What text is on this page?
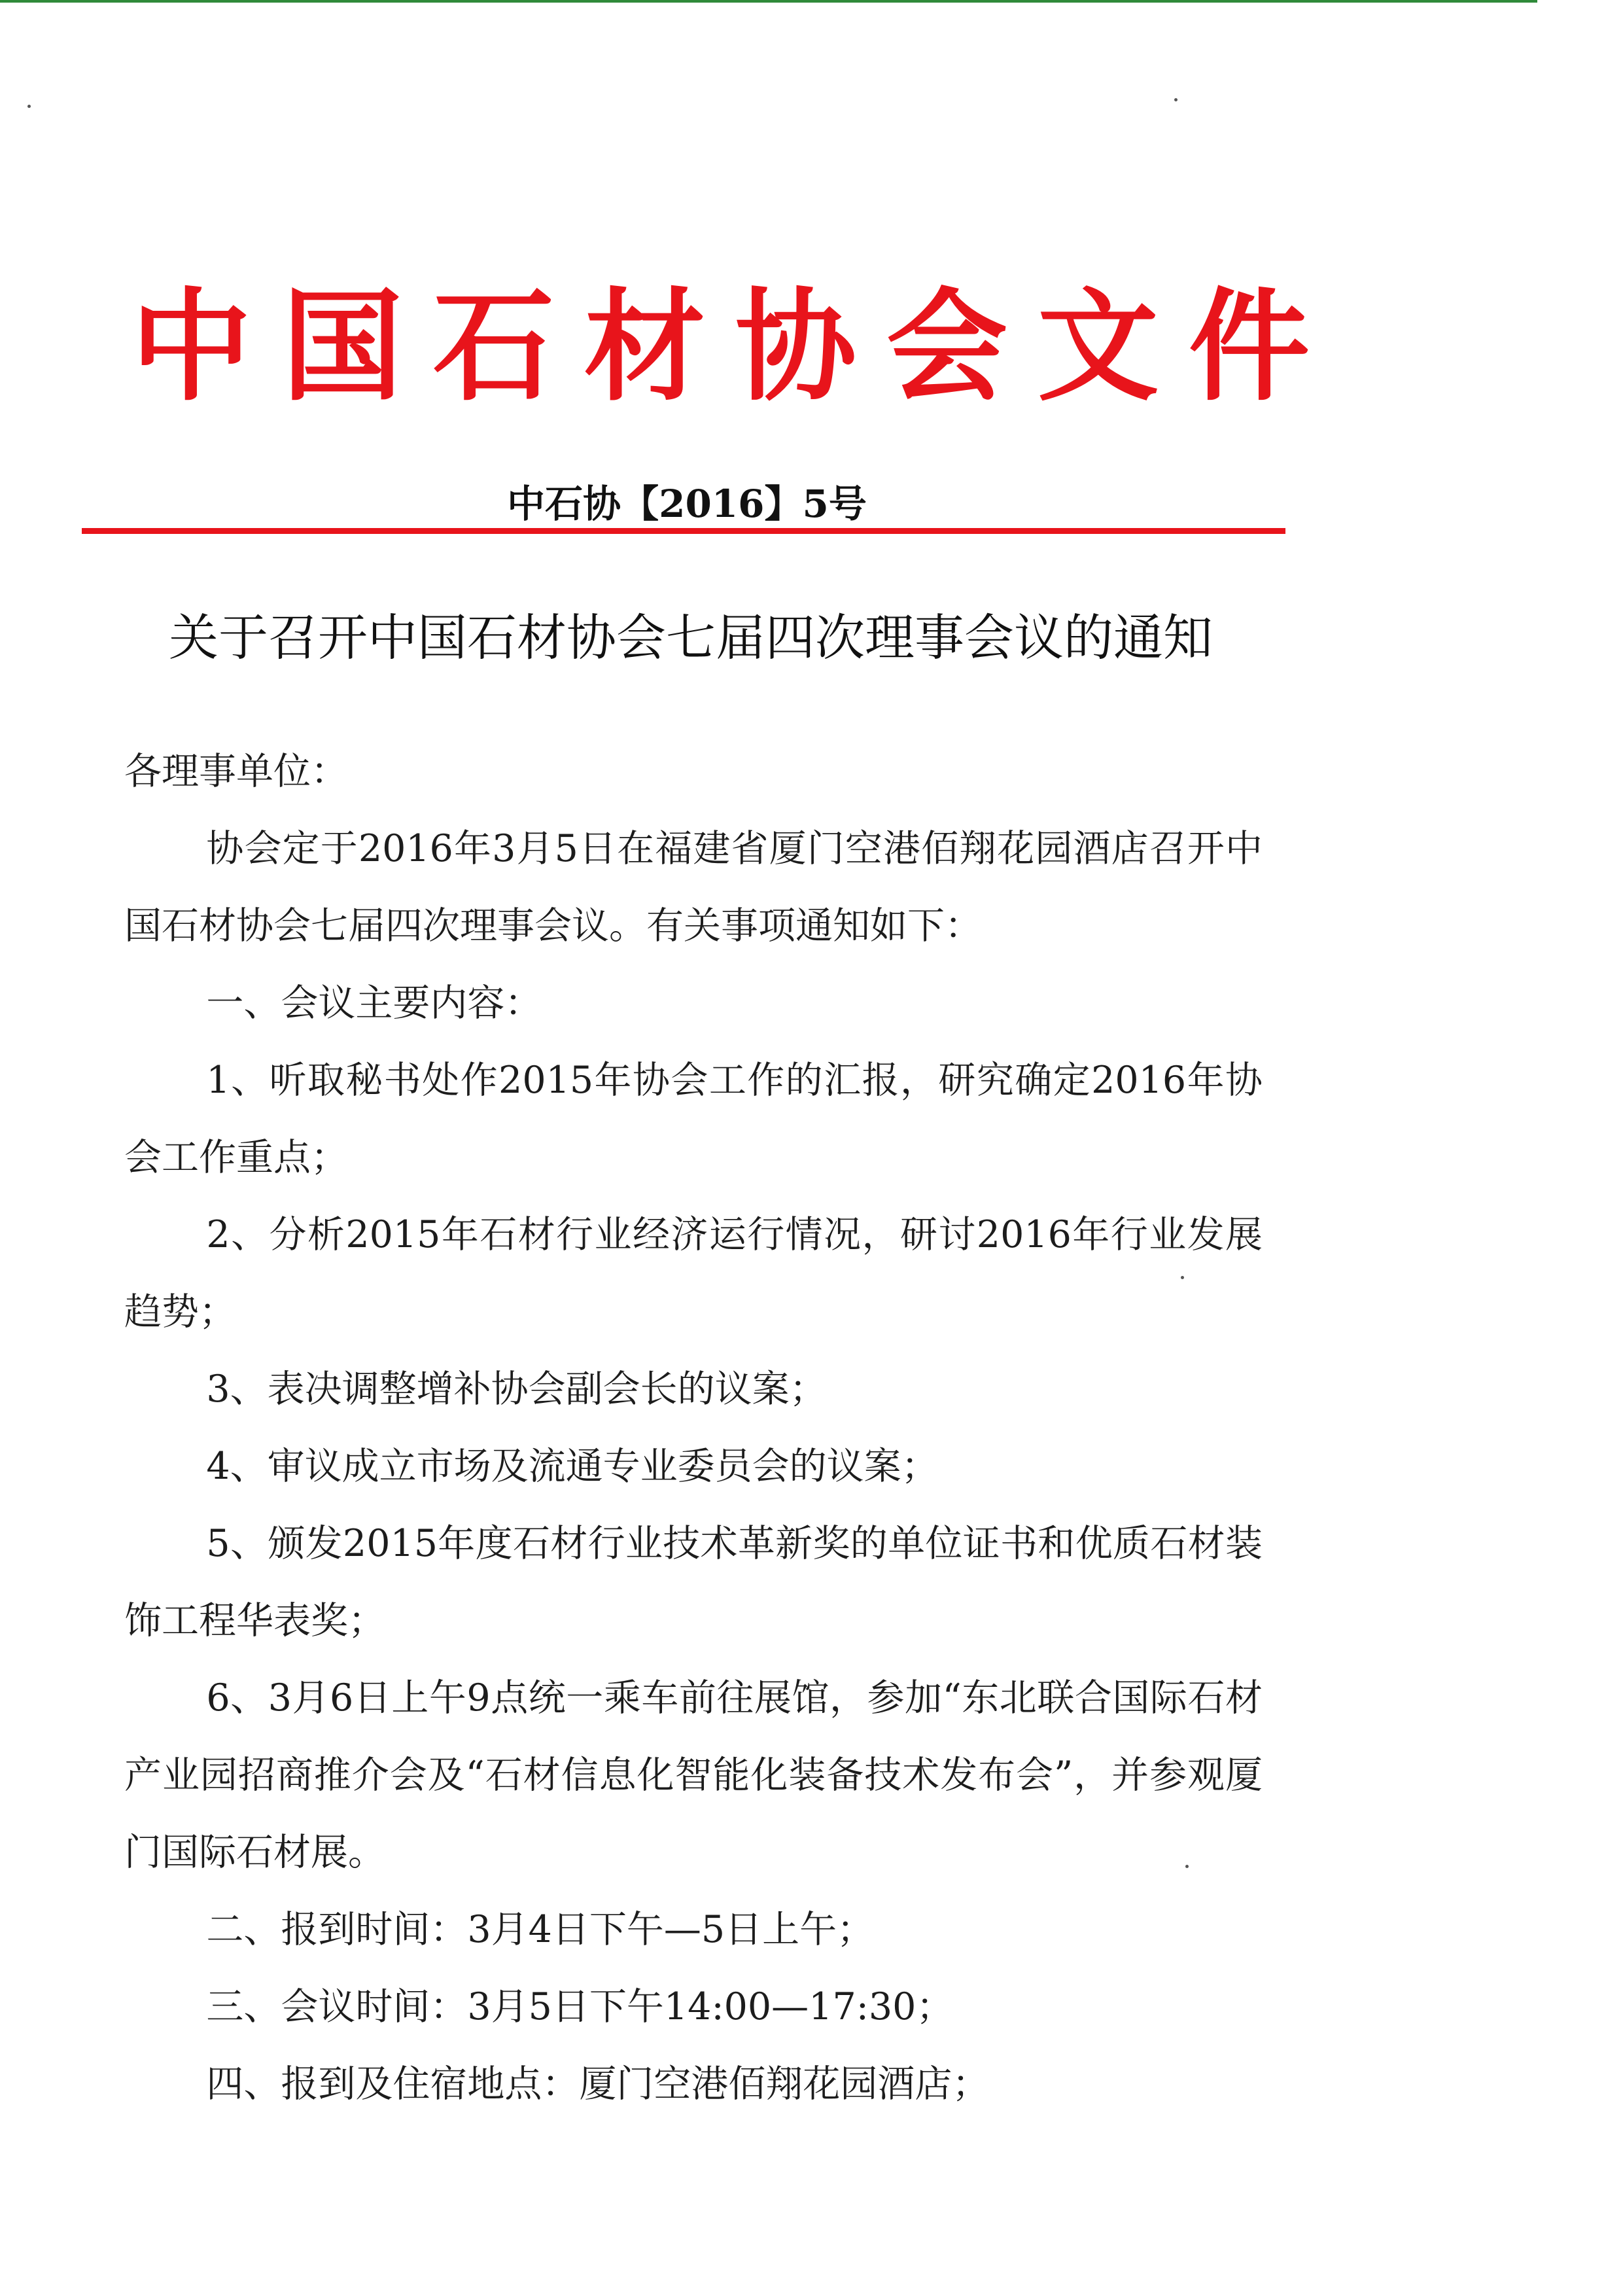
中国石材协会文件
中石协【2016】5号
关于召开中国石材协会七届四次理事会议的通知

各理事单位：

协会定于2016年3月5日在福建省厦门空港佰翔花园酒店召开中国石材协会七届四次理事会议。有关事项通知如下：

一、会议主要内容：

1、听取秘书处作2015年协会工作的汇报，研究确定2016年协会工作重点；

2、分析2015年石材行业经济运行情况，研讨2016年行业发展趋势；

3、表决调整增补协会副会长的议案；

4、审议成立市场及流通专业委员会的议案；

5、颁发2015年度石材行业技术革新奖的单位证书和优质石材装饰工程华表奖；

6、3月6日上午9点统一乘车前往展馆，参加“东北联合国际石材产业园招商推介会及“石材信息化智能化装备技术发布会”，并参观厦门国际石材展。

二、报到时间：3月4日下午—5日上午；

三、会议时间：3月5日下午14:00—17:30；

四、报到及住宿地点：厦门空港佰翔花园酒店；
